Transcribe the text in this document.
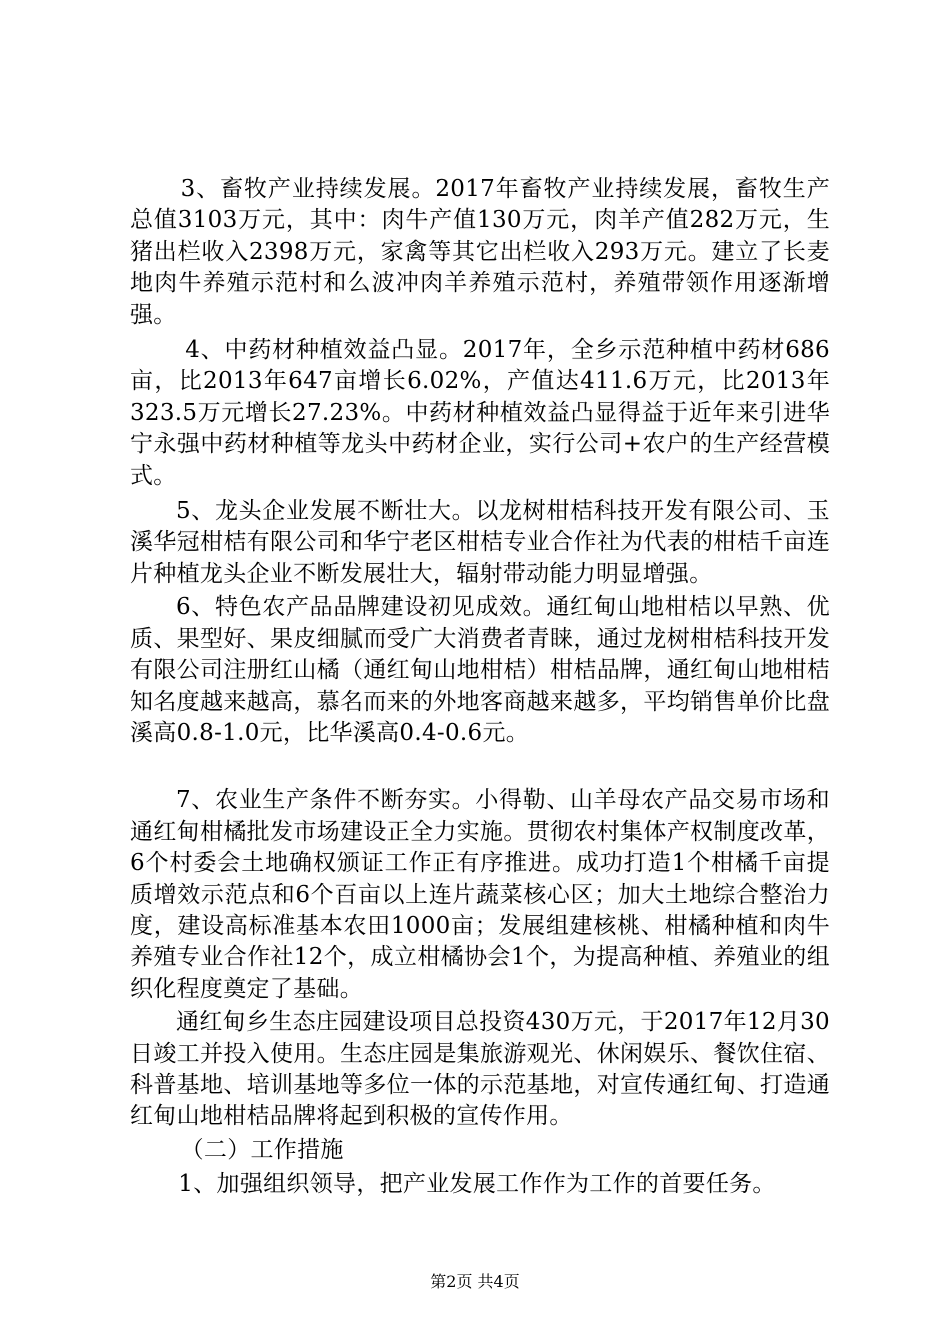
3、畜牧产业持续发展。2017年畜牧产业持续发展，畜牧生产总值3103万元，其中：肉牛产值130万元，肉羊产值282万元，生猪出栏收入2398万元，家禽等其它出栏收入293万元。建立了长麦地肉牛养殖示范村和么波冲肉羊养殖示范村，养殖带领作用逐渐增强。

4、中药材种植效益凸显。2017年，全乡示范种植中药材686亩，比2013年647亩增长6.02%，产值达411.6万元，比2013年323.5万元增长27.23%。中药材种植效益凸显得益于近年来引进华宁永强中药材种植等龙头中药材企业，实行公司+农户的生产经营模式。

5、龙头企业发展不断壮大。以龙树柑桔科技开发有限公司、玉溪华冠柑桔有限公司和华宁老区柑桔专业合作社为代表的柑桔千亩连片种植龙头企业不断发展壮大，辐射带动能力明显增强。

6、特色农产品品牌建设初见成效。通红甸山地柑桔以早熟、优质、果型好、果皮细腻而受广大消费者青睐，通过龙树柑桔科技开发有限公司注册红山橘（通红甸山地柑桔）柑桔品牌，通红甸山地柑桔知名度越来越高，慕名而来的外地客商越来越多，平均销售单价比盘溪高0.8-1.0元，比华溪高0.4-0.6元。

7、农业生产条件不断夯实。小得勒、山羊母农产品交易市场和通红甸柑橘批发市场建设正全力实施。贯彻农村集体产权制度改革，6个村委会土地确权颁证工作正有序推进。成功打造1个柑橘千亩提质增效示范点和6个百亩以上连片蔬菜核心区；加大土地综合整治力度，建设高标准基本农田1000亩；发展组建核桃、柑橘种植和肉牛养殖专业合作社12个，成立柑橘协会1个，为提高种植、养殖业的组织化程度奠定了基础。

通红甸乡生态庄园建设项目总投资430万元，于2017年12月30日竣工并投入使用。生态庄园是集旅游观光、休闲娱乐、餐饮住宿、科普基地、培训基地等多位一体的示范基地，对宣传通红甸、打造通红甸山地柑桔品牌将起到积极的宣传作用。

（二）工作措施

1、加强组织领导，把产业发展工作作为工作的首要任务。

第2页 共4页
